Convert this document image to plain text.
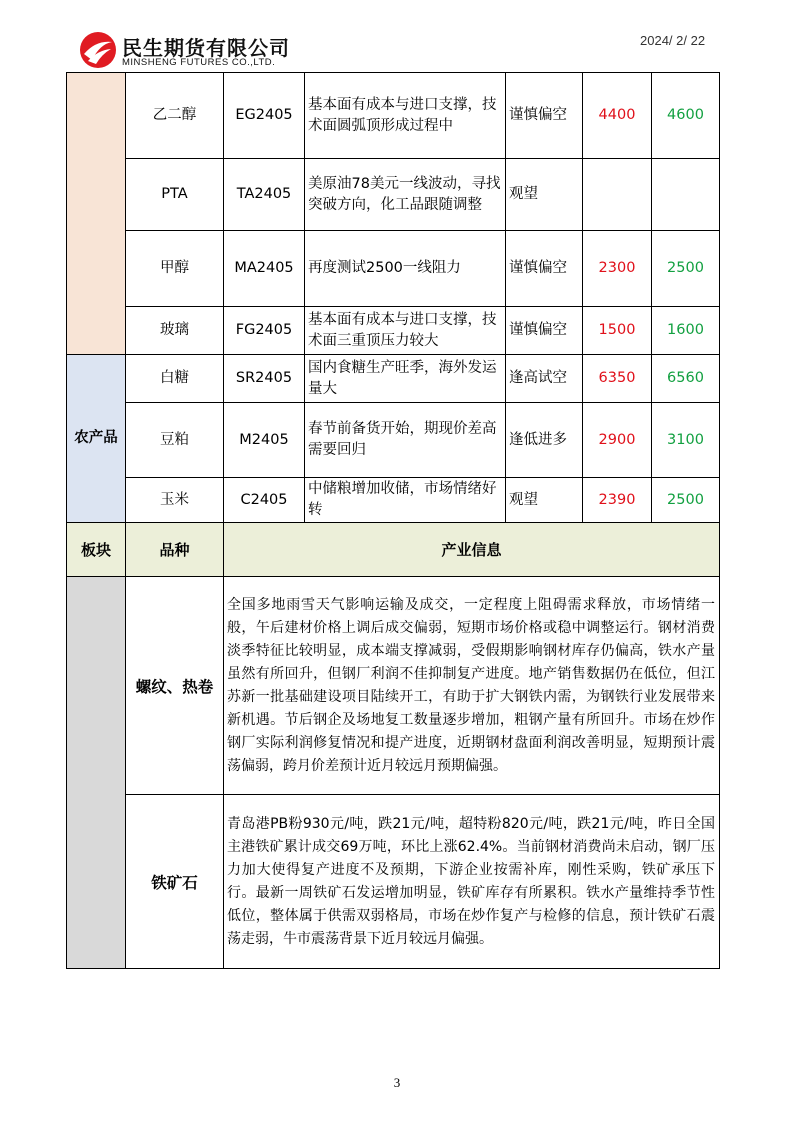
民生期货有限公司
MINSHENG FUTURES CO.,LTD.
2024/ 2/ 22
	乙二醇	EG2405	基本面有成本与进口支撑，技术面圆弧顶形成过程中	谨慎偏空	4400	4600
	PTA	TA2405	美原油78美元一线波动，寻找突破方向，化工品跟随调整	观望		
	甲醇	MA2405	再度测试2500一线阻力	谨慎偏空	2300	2500
	玻璃	FG2405	基本面有成本与进口支撑，技术面三重顶压力较大	谨慎偏空	1500	1600
农产品	白糖	SR2405	国内食糖生产旺季，海外发运量大	逢高试空	6350	6560
	豆粕	M2405	春节前备货开始，期现价差高需要回归	逢低进多	2900	3100
	玉米	C2405	中储粮增加收储，市场情绪好转	观望	2390	2500
板块	品种	产业信息
	螺纹、热卷	全国多地雨雪天气影响运输及成交，一定程度上阻碍需求释放，市场情绪一般，午后建材价格上调后成交偏弱，短期市场价格或稳中调整运行。钢材消费淡季特征比较明显，成本端支撑减弱，受假期影响钢材库存仍偏高，铁水产量虽然有所回升，但钢厂利润不佳抑制复产进度。地产销售数据仍在低位，但江苏新一批基础建设项目陆续开工，有助于扩大钢铁内需，为钢铁行业发展带来新机遇。节后钢企及场地复工数量逐步增加，粗钢产量有所回升。市场在炒作钢厂实际利润修复情况和提产进度，近期钢材盘面利润改善明显，短期预计震荡偏弱，跨月价差预计近月较远月预期偏强。
	铁矿石	青岛港PB粉930元/吨，跌21元/吨，超特粉820元/吨，跌21元/吨，昨日全国主港铁矿累计成交69万吨，环比上涨62.4%。当前钢材消费尚未启动，钢厂压力加大使得复产进度不及预期，下游企业按需补库，刚性采购，铁矿承压下行。最新一周铁矿石发运增加明显，铁矿库存有所累积。铁水产量维持季节性低位，整体属于供需双弱格局，市场在炒作复产与检修的信息，预计铁矿石震荡走弱，牛市震荡背景下近月较远月偏强。
3
